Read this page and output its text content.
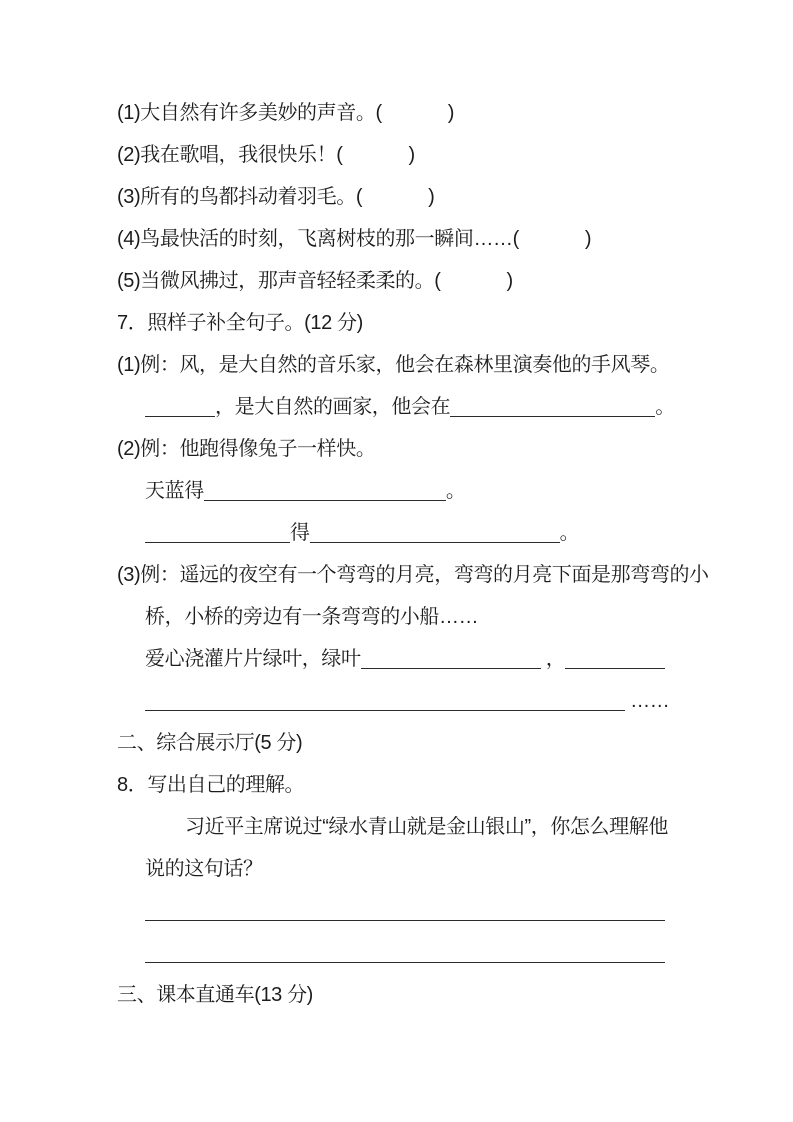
(1)大自然有许多美妙的声音。(	)
(2)我在歌唱，我很快乐！(	)
(3)所有的鸟都抖动着羽毛。(	)
(4)鸟最快活的时刻，飞离树枝的那一瞬间……(	)
(5)当微风拂过，那声音轻轻柔柔的。(	)
7．照样子补全句子。(12 分)
(1)例：风，是大自然的音乐家，他会在森林里演奏他的手风琴。
，是大自然的画家，他会在	。
(2)例：他跑得像兔子一样快。
天蓝得	。
得	。
(3)例：遥远的夜空有一个弯弯的月亮，弯弯的月亮下面是那弯弯的小
桥，小桥的旁边有一条弯弯的小船……
爱心浇灌片片绿叶，绿叶	，
……
二、综合展示厅(5 分)
8．写出自己的理解。
习近平主席说过“绿水青山就是金山银山”，你怎么理解他
说的这句话？
三、课本直通车(13 分)
